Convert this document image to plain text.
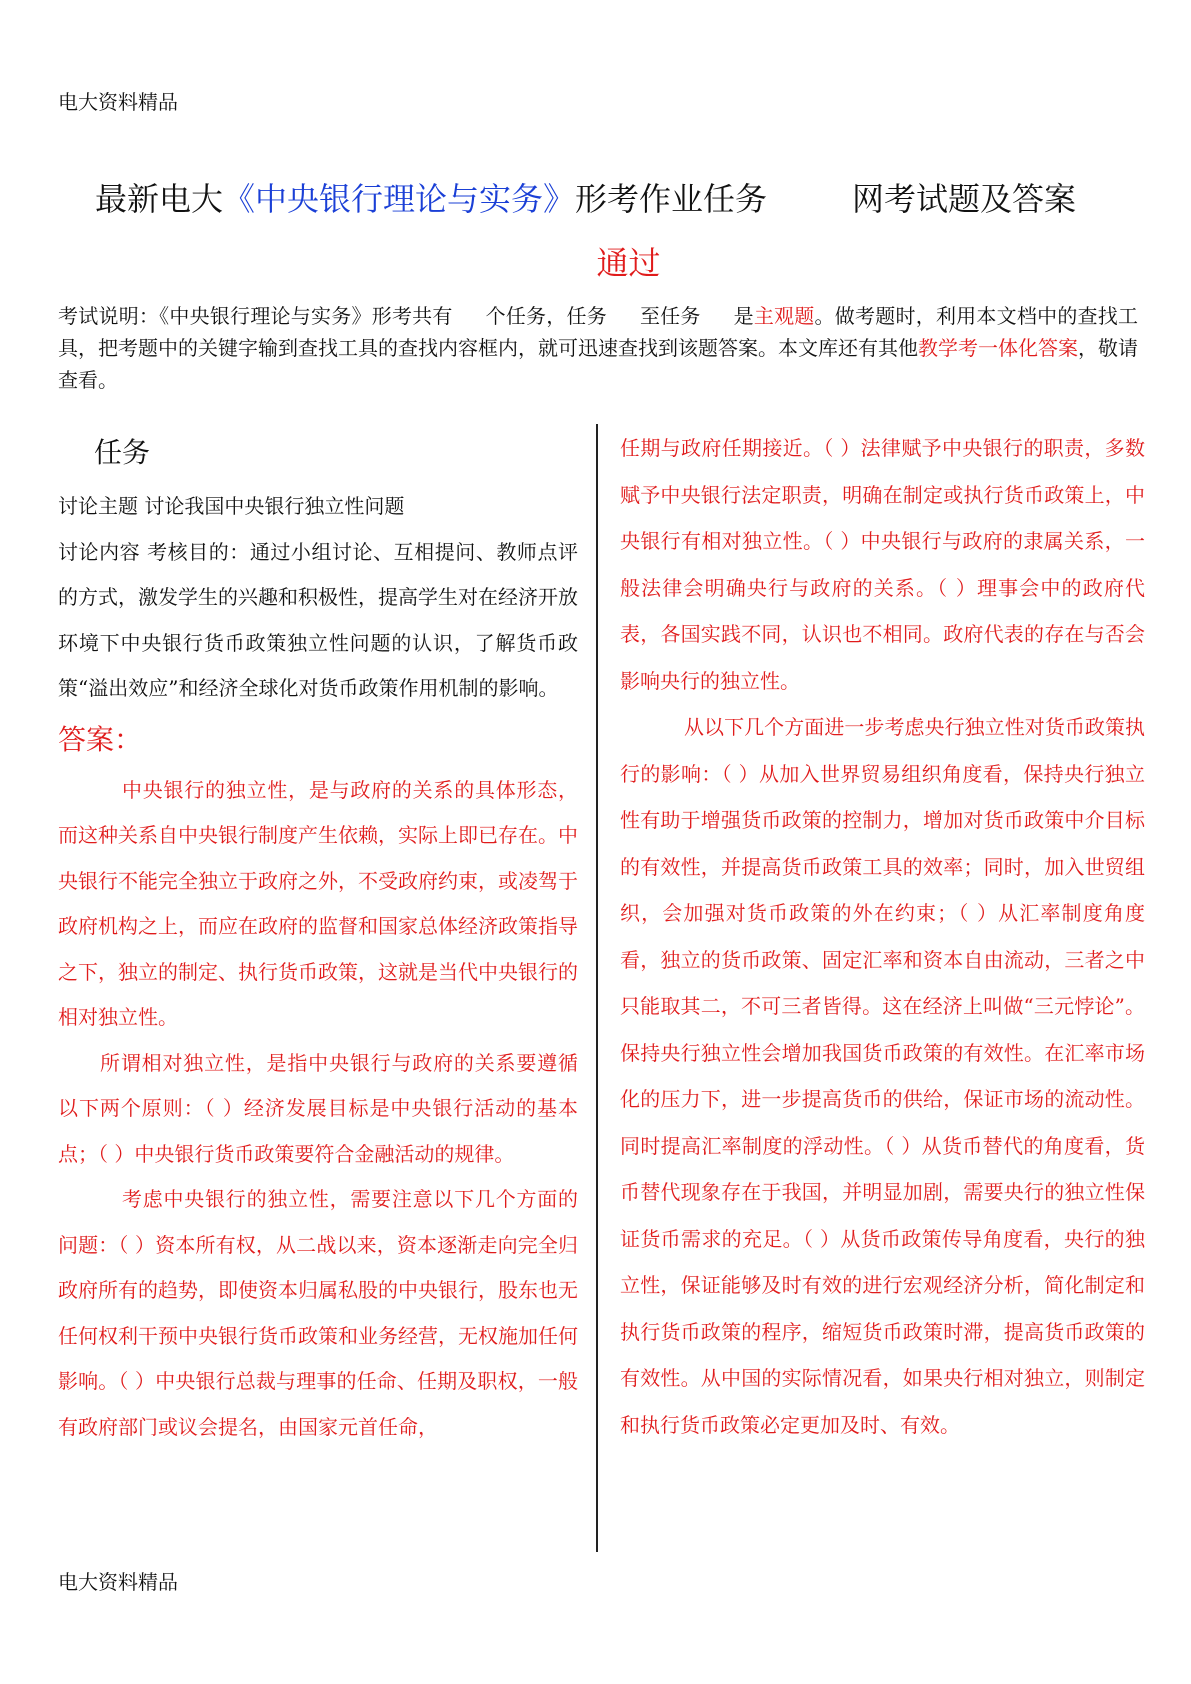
电大资料精品
最新电大《中央银行理论与实务》形考作业任务	网考试题及答案
通过
考试说明：《中央银行理论与实务》形考共有 个任务，任务 至任务 是主观题。做考题时，利用本文档中的查找工具，把考题中的关键字输到查找工具的查找内容框内，就可迅速查找到该题答案。本文库还有其他教学考一体化答案，敬请查看。
任务

讨论主题 讨论我国中央银行独立性问题

讨论内容 考核目的：通过小组讨论、互相提问、教师点评的方式，激发学生的兴趣和积极性，提高学生对在经济开放环境下中央银行货币政策独立性问题的认识，了解货币政策“溢出效应”和经济全球化对货币政策作用机制的影响。

答案：

中央银行的独立性，是与政府的关系的具体形态，而这种关系自中央银行制度产生依赖，实际上即已存在。中央银行不能完全独立于政府之外，不受政府约束，或凌驾于政府机构之上，而应在政府的监督和国家总体经济政策指导之下，独立的制定、执行货币政策，这就是当代中央银行的相对独立性。

所谓相对独立性，是指中央银行与政府的关系要遵循以下两个原则：（ ）经济发展目标是中央银行活动的基本点；（ ）中央银行货币政策要符合金融活动的规律。

考虑中央银行的独立性，需要注意以下几个方面的问题：（ ）资本所有权，从二战以来，资本逐渐走向完全归政府所有的趋势，即使资本归属私股的中央银行，股东也无任何权利干预中央银行货币政策和业务经营，无权施加任何影响。（ ）中央银行总裁与理事的任命、任期及职权，一般有政府部门或议会提名，由国家元首任命，

任期与政府任期接近。（ ）法律赋予中央银行的职责，多数赋予中央银行法定职责，明确在制定或执行货币政策上，中央银行有相对独立性。（ ）中央银行与政府的隶属关系，一般法律会明确央行与政府的关系。（ ）理事会中的政府代表，各国实践不同，认识也不相同。政府代表的存在与否会影响央行的独立性。

从以下几个方面进一步考虑央行独立性对货币政策执行的影响：（ ）从加入世界贸易组织角度看，保持央行独立性有助于增强货币政策的控制力，增加对货币政策中介目标的有效性，并提高货币政策工具的效率；同时，加入世贸组织，会加强对货币政策的外在约束；（ ）从汇率制度角度看，独立的货币政策、固定汇率和资本自由流动，三者之中只能取其二，不可三者皆得。这在经济上叫做“三元悖论”。保持央行独立性会增加我国货币政策的有效性。在汇率市场化的压力下，进一步提高货币的供给，保证市场的流动性。同时提高汇率制度的浮动性。（ ）从货币替代的角度看，货币替代现象存在于我国，并明显加剧，需要央行的独立性保证货币需求的充足。（ ）从货币政策传导角度看，央行的独立性，保证能够及时有效的进行宏观经济分析，简化制定和执行货币政策的程序，缩短货币政策时滞，提高货币政策的有效性。从中国的实际情况看，如果央行相对独立，则制定和执行货币政策必定更加及时、有效。

电大资料精品
